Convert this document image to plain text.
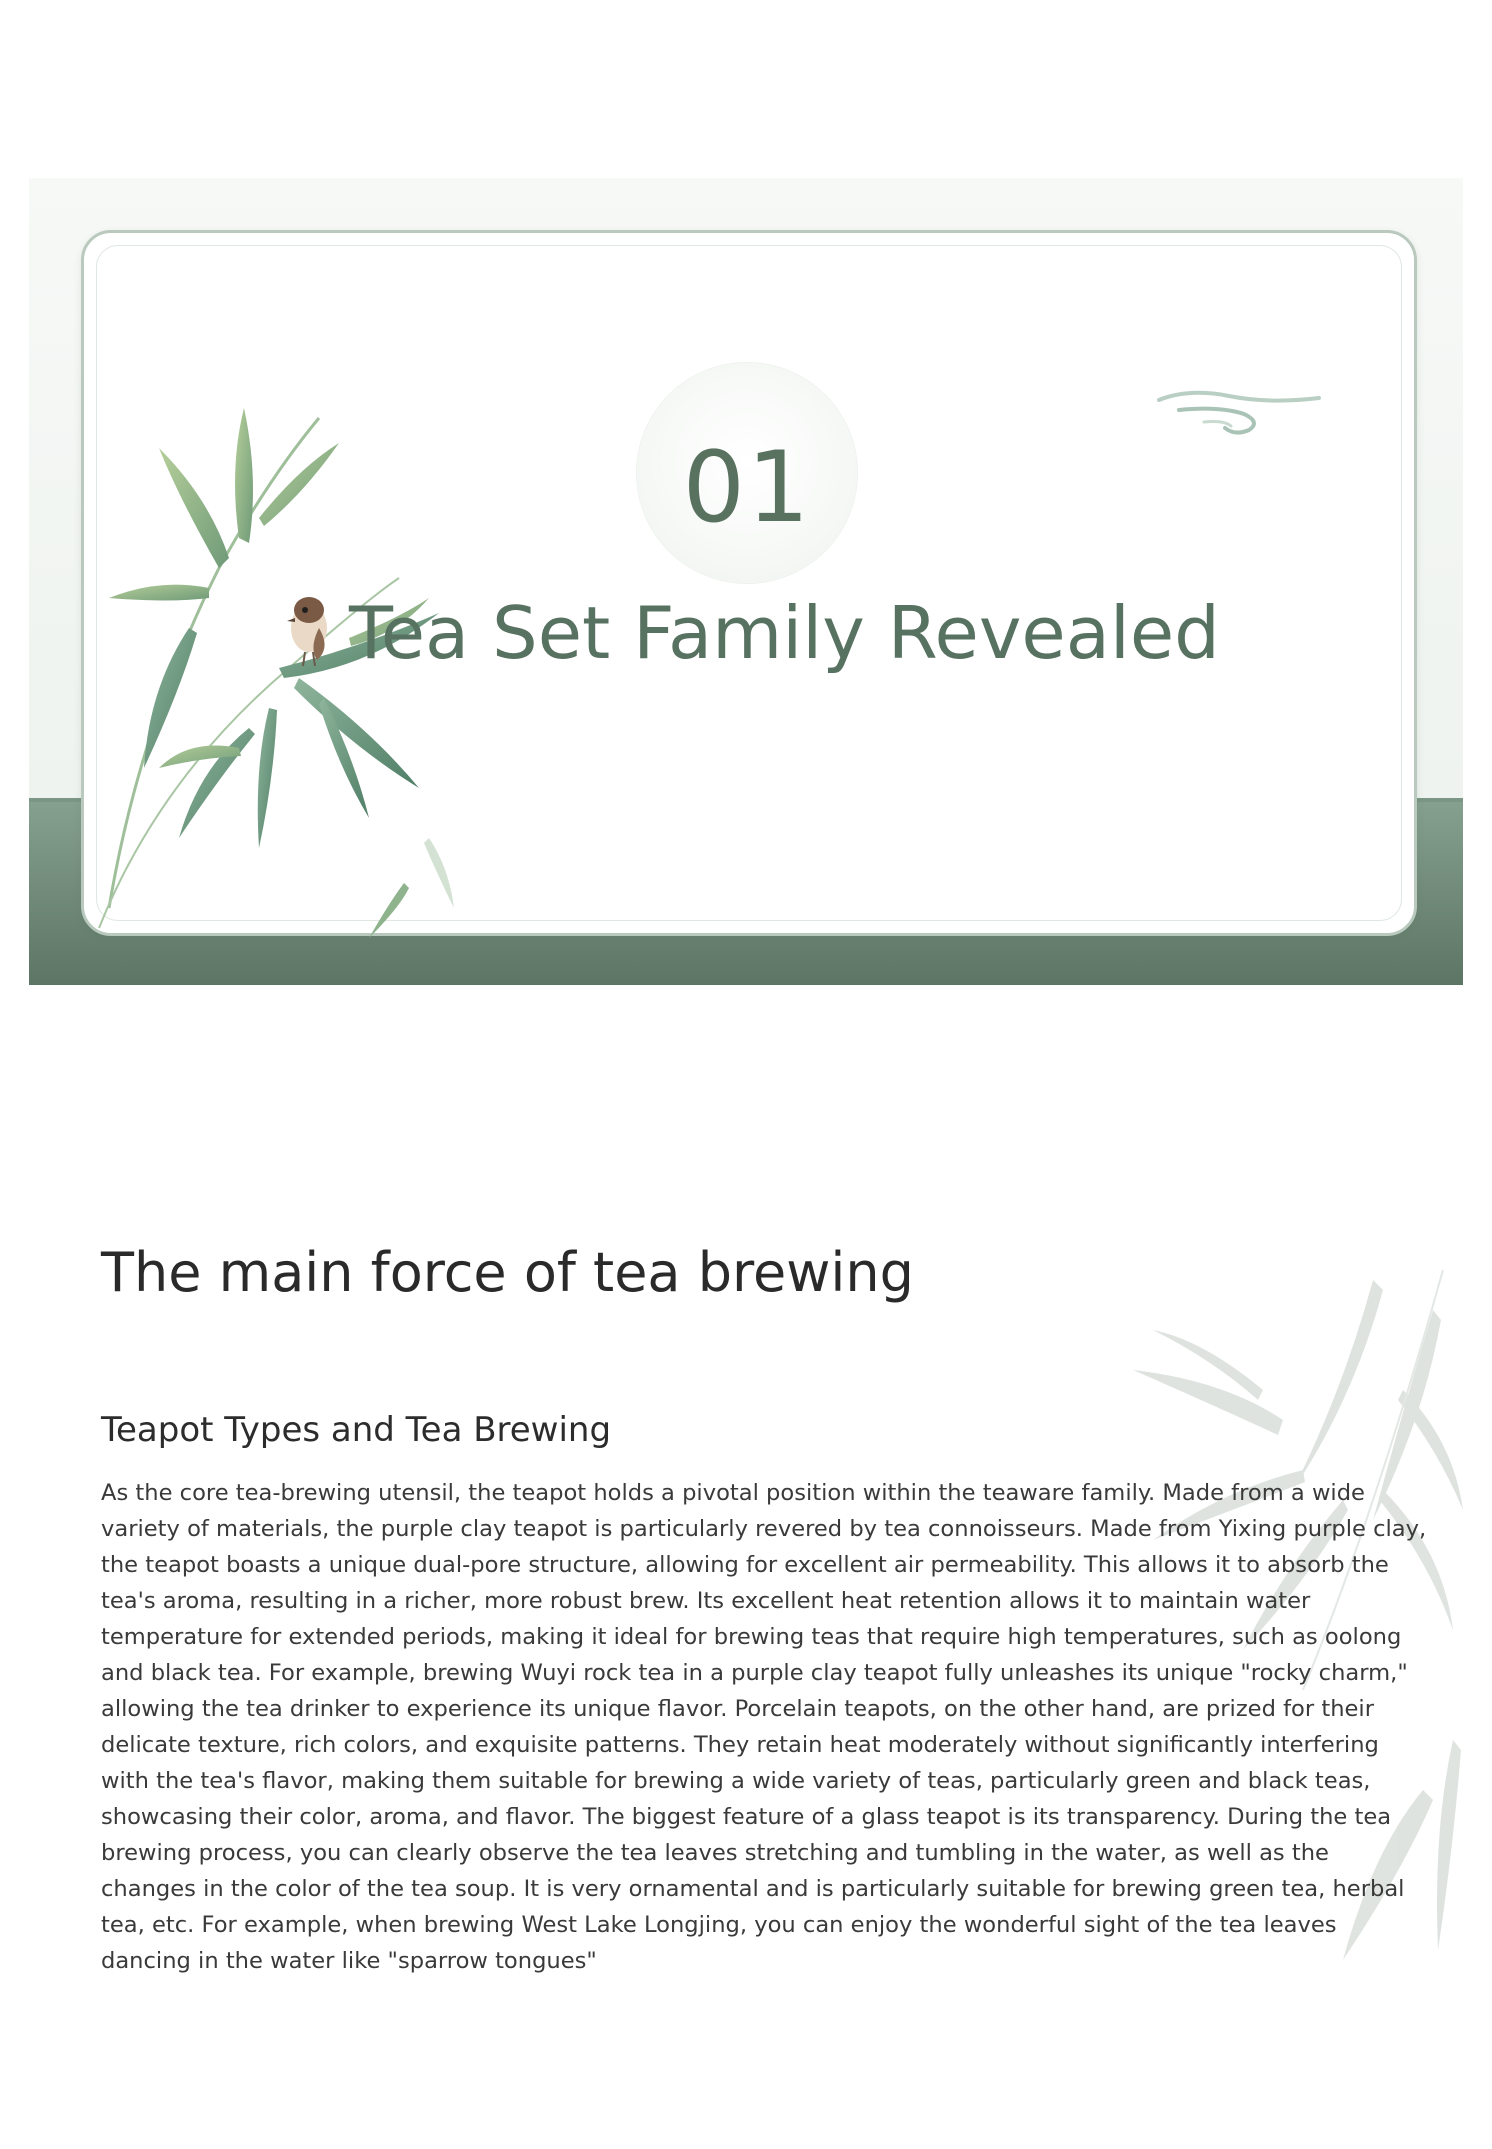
01
Tea Set Family Revealed
The main force of tea brewing
Teapot Types and Tea Brewing
As the core tea-brewing utensil, the teapot holds a pivotal position within the teaware family. Made from a wide variety of materials, the purple clay teapot is particularly revered by tea connoisseurs. Made from Yixing purple clay, the teapot boasts a unique dual-pore structure, allowing for excellent air permeability. This allows it to absorb the tea's aroma, resulting in a richer, more robust brew. Its excellent heat retention allows it to maintain water temperature for extended periods, making it ideal for brewing teas that require high temperatures, such as oolong and black tea. For example, brewing Wuyi rock tea in a purple clay teapot fully unleashes its unique "rocky charm," allowing the tea drinker to experience its unique flavor. Porcelain teapots, on the other hand, are prized for their delicate texture, rich colors, and exquisite patterns. They retain heat moderately without significantly interfering with the tea's flavor, making them suitable for brewing a wide variety of teas, particularly green and black teas, showcasing their color, aroma, and flavor. The biggest feature of a glass teapot is its transparency. During the tea brewing process, you can clearly observe the tea leaves stretching and tumbling in the water, as well as the changes in the color of the tea soup. It is very ornamental and is particularly suitable for brewing green tea, herbal tea, etc. For example, when brewing West Lake Longjing, you can enjoy the wonderful sight of the tea leaves dancing in the water like "sparrow tongues"
